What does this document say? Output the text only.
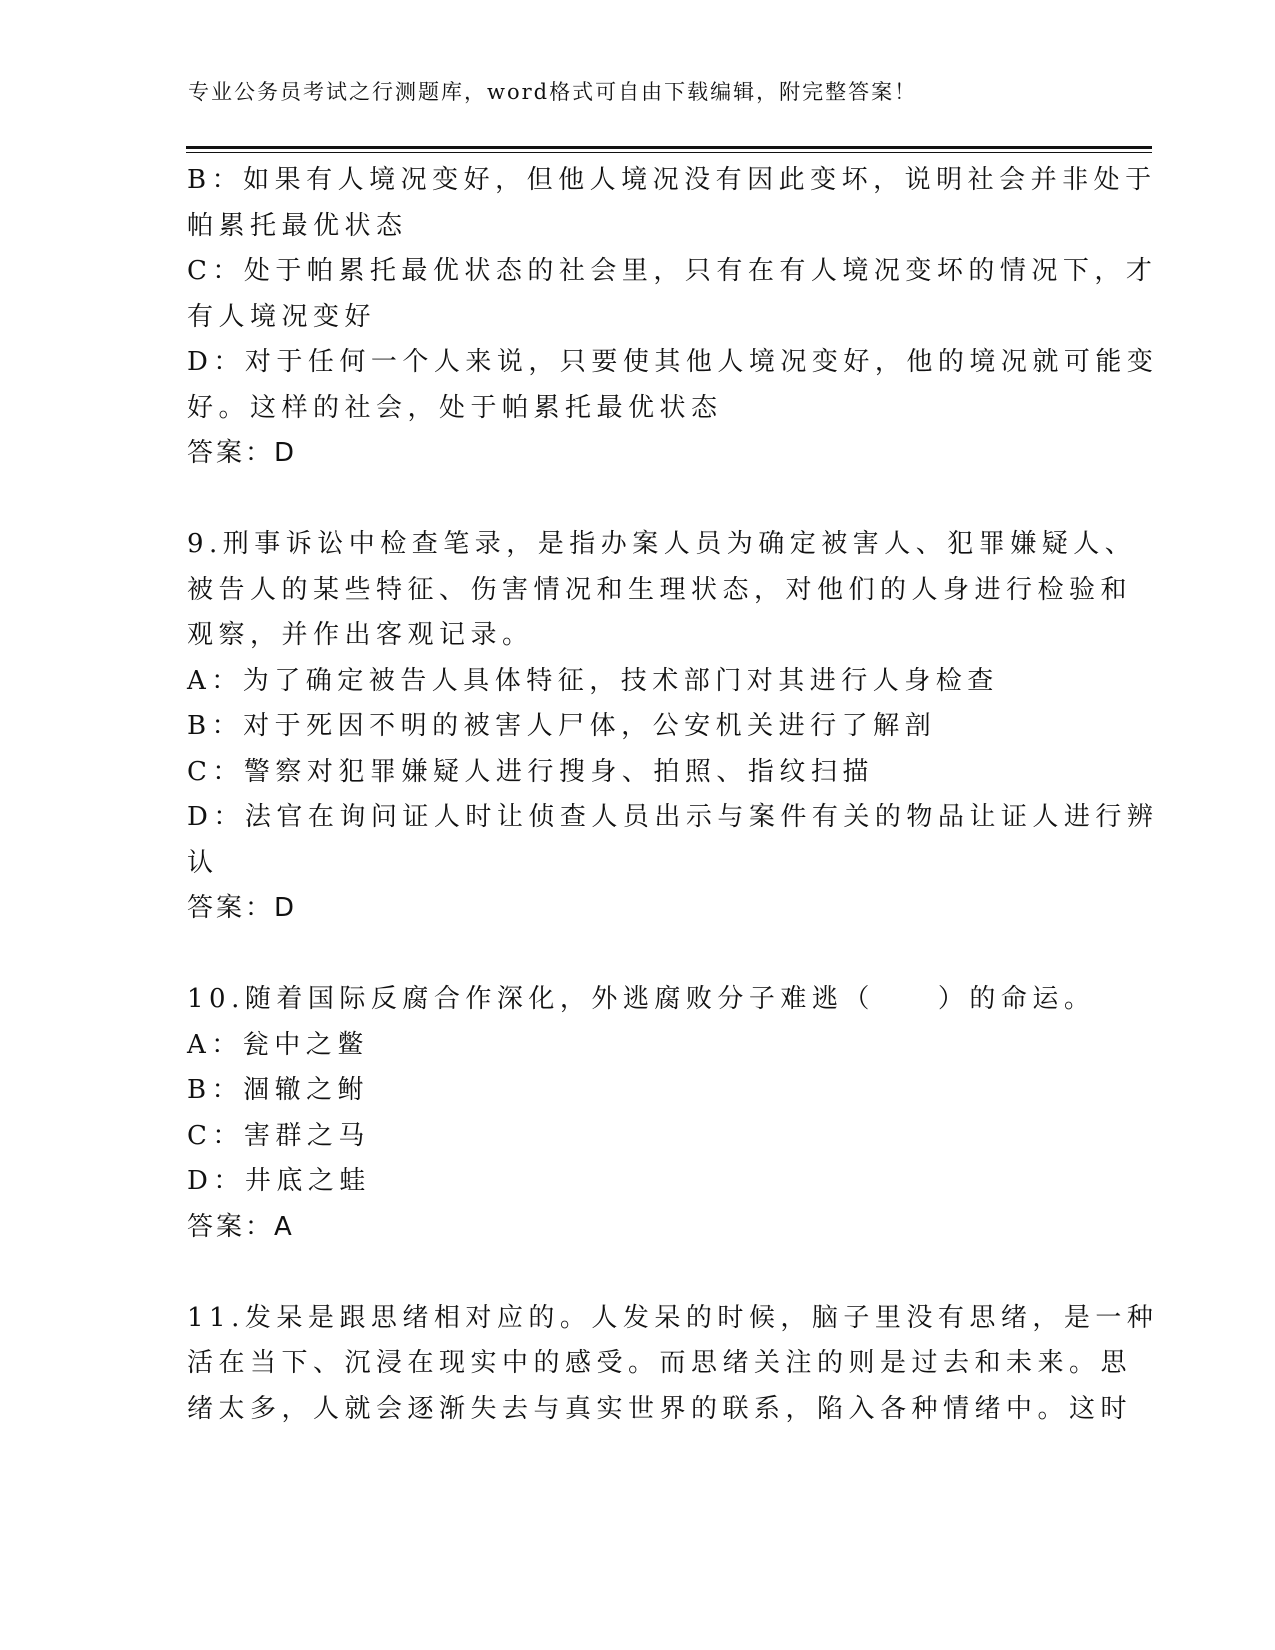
专业公务员考试之行测题库，word格式可自由下载编辑，附完整答案！

B：如果有人境况变好，但他人境况没有因此变坏，说明社会并非处于

帕累托最优状态

C：处于帕累托最优状态的社会里，只有在有人境况变坏的情况下，才

有人境况变好

D：对于任何一个人来说，只要使其他人境况变好，他的境况就可能变

好。这样的社会，处于帕累托最优状态

答案：D

9.刑事诉讼中检查笔录，是指办案人员为确定被害人、犯罪嫌疑人、

被告人的某些特征、伤害情况和生理状态，对他们的人身进行检验和

观察，并作出客观记录。

A：为了确定被告人具体特征，技术部门对其进行人身检查

B：对于死因不明的被害人尸体，公安机关进行了解剖

C：警察对犯罪嫌疑人进行搜身、拍照、指纹扫描

D：法官在询问证人时让侦查人员出示与案件有关的物品让证人进行辨

认

答案：D

10.随着国际反腐合作深化，外逃腐败分子难逃（　　）的命运。

A：瓮中之鳖

B：涸辙之鲋

C：害群之马

D：井底之蛙

答案：A

11.发呆是跟思绪相对应的。人发呆的时候，脑子里没有思绪，是一种

活在当下、沉浸在现实中的感受。而思绪关注的则是过去和未来。思

绪太多，人就会逐渐失去与真实世界的联系，陷入各种情绪中。这时
